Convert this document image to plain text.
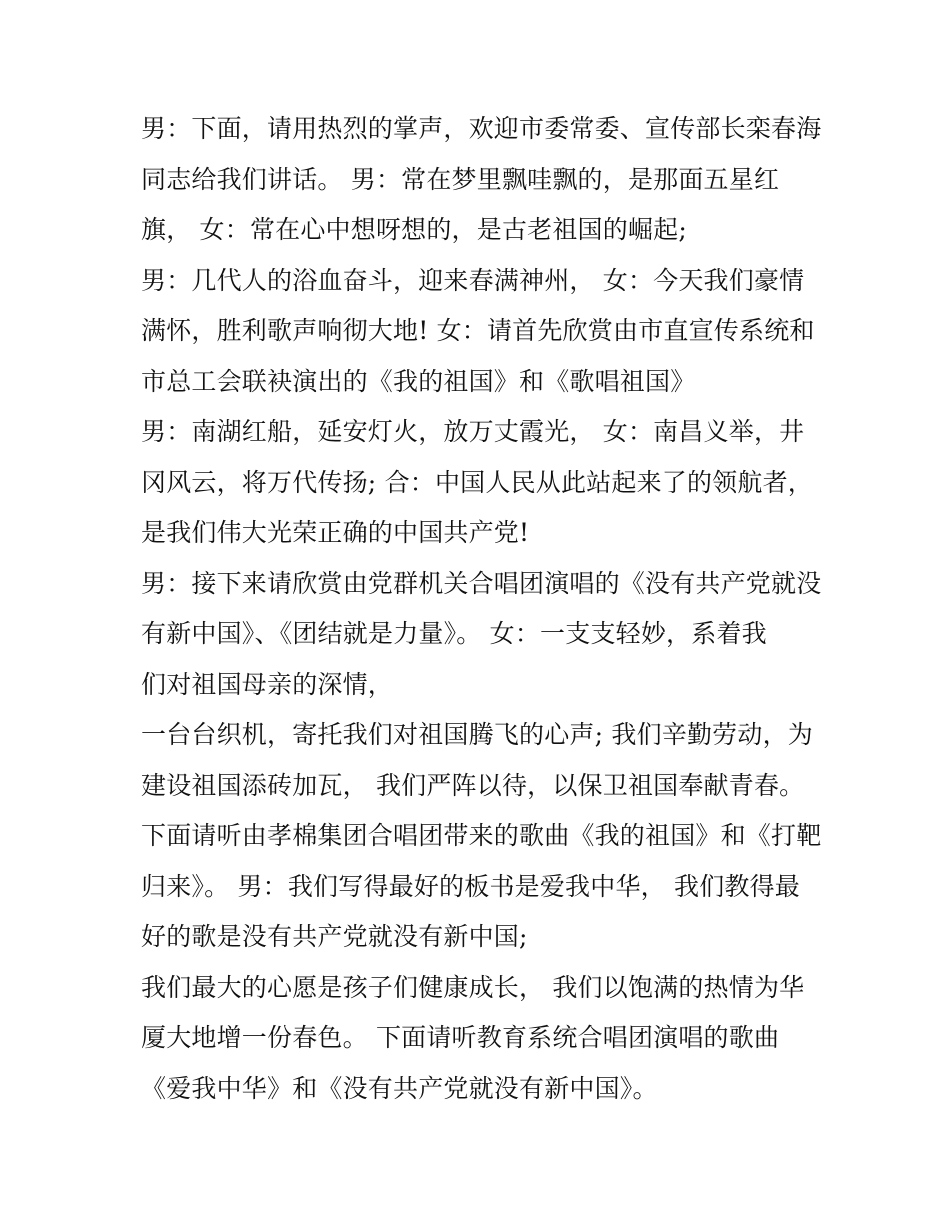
男：下面，请用热烈的掌声，欢迎市委常委、宣传部长栾春海
同志给我们讲话。 男：常在梦里飘哇飘的，是那面五星红
旗， 女：常在心中想呀想的，是古老祖国的崛起;
男：几代人的浴血奋斗，迎来春满神州， 女：今天我们豪情
满怀，胜利歌声响彻大地! 女：请首先欣赏由市直宣传系统和
市总工会联袂演出的《我的祖国》和《歌唱祖国》
男：南湖红船，延安灯火，放万丈霞光， 女：南昌义举，井
冈风云，将万代传扬; 合：中国人民从此站起来了的领航者，
是我们伟大光荣正确的中国共产党!
男：接下来请欣赏由党群机关合唱团演唱的《没有共产党就没
有新中国》、《团结就是力量》。 女：一支支轻妙，系着我
们对祖国母亲的深情，
一台台织机，寄托我们对祖国腾飞的心声; 我们辛勤劳动，为
建设祖国添砖加瓦， 我们严阵以待，以保卫祖国奉献青春。
下面请听由孝棉集团合唱团带来的歌曲《我的祖国》和《打靶
归来》。 男：我们写得最好的板书是爱我中华， 我们教得最
好的歌是没有共产党就没有新中国;
我们最大的心愿是孩子们健康成长， 我们以饱满的热情为华
厦大地增一份春色。 下面请听教育系统合唱团演唱的歌曲
《爱我中华》和《没有共产党就没有新中国》。
